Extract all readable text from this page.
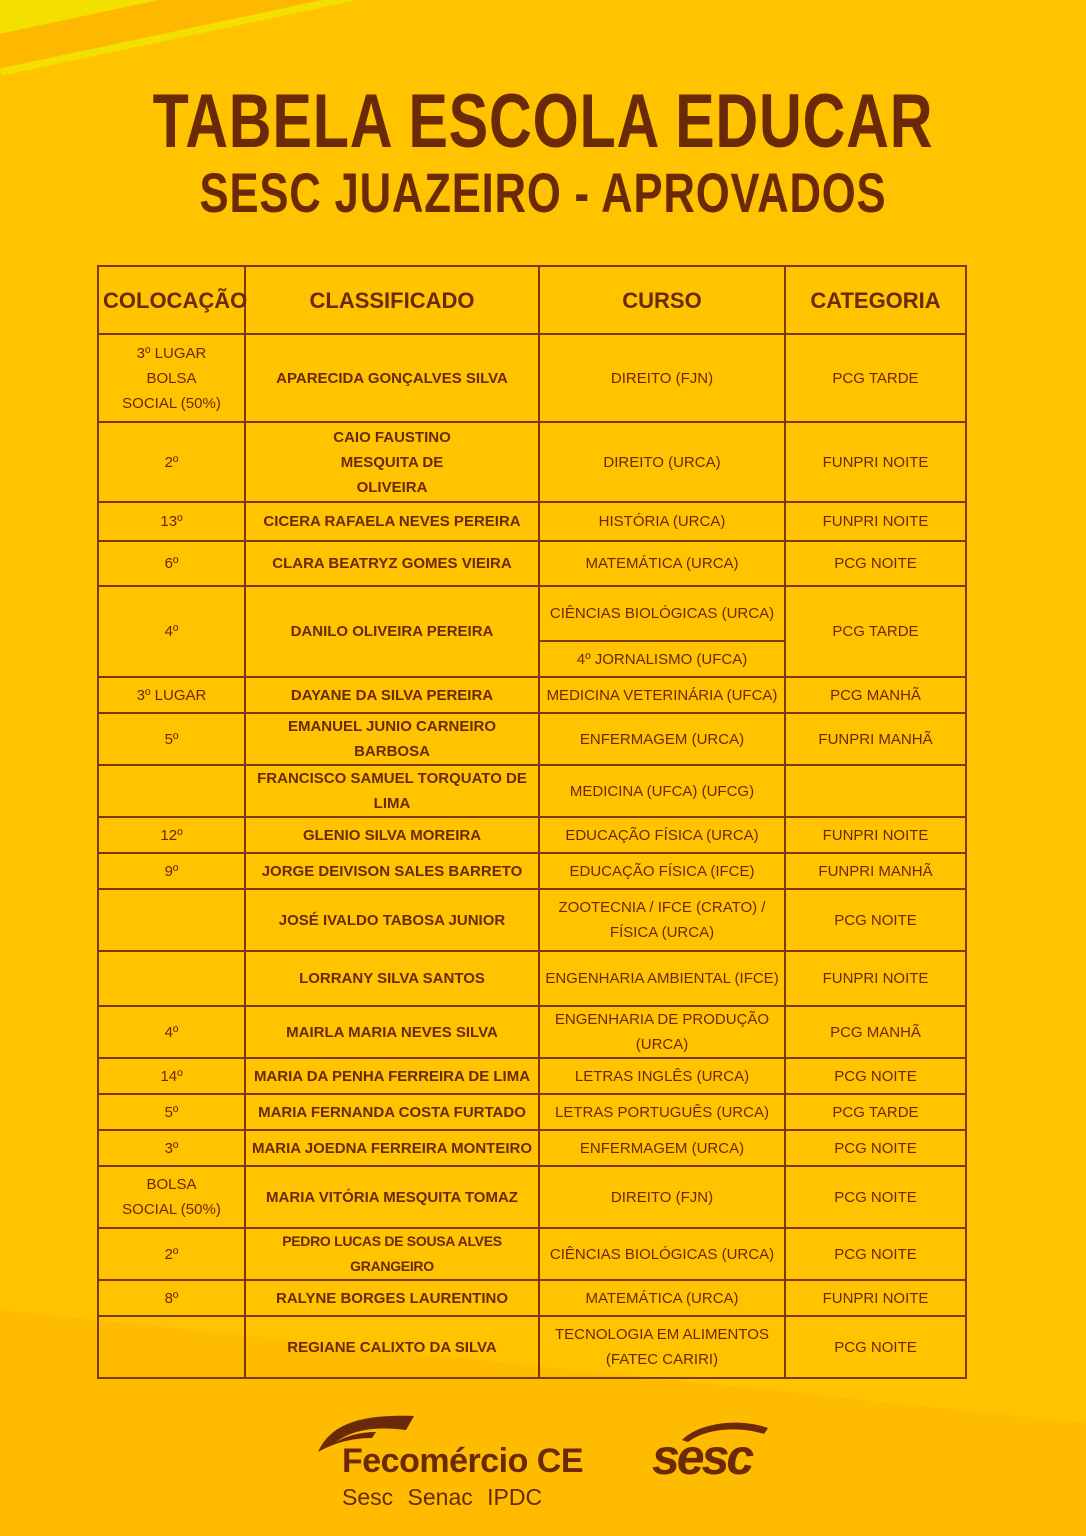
TABELA ESCOLA EDUCAR
SESC JUAZEIRO - APROVADOS
COLOCAÇÃO	CLASSIFICADO	CURSO	CATEGORIA
3º LUGAR BOLSA SOCIAL (50%)	APARECIDA GONÇALVES SILVA	DIREITO (FJN)	PCG TARDE
2º	CAIO FAUSTINO MESQUITA DE OLIVEIRA	DIREITO (URCA)	FUNPRI NOITE
13º	CICERA RAFAELA NEVES PEREIRA	HISTÓRIA (URCA)	FUNPRI NOITE
6º	CLARA BEATRYZ GOMES VIEIRA	MATEMÁTICA (URCA)	PCG NOITE
4º	DANILO OLIVEIRA PEREIRA	CIÊNCIAS BIOLÓGICAS (URCA)	PCG TARDE
		4º JORNALISMO (UFCA)	
3º LUGAR	DAYANE DA SILVA PEREIRA	MEDICINA VETERINÁRIA (UFCA)	PCG MANHÃ
5º	EMANUEL JUNIO CARNEIRO BARBOSA	ENFERMAGEM (URCA)	FUNPRI MANHÃ
	FRANCISCO SAMUEL TORQUATO DE LIMA	MEDICINA (UFCA) (UFCG)	
12º	GLENIO SILVA MOREIRA	EDUCAÇÃO FÍSICA (URCA)	FUNPRI NOITE
9º	JORGE DEIVISON SALES BARRETO	EDUCAÇÃO FÍSICA (IFCE)	FUNPRI MANHÃ
	JOSÉ IVALDO TABOSA JUNIOR	ZOOTECNIA / IFCE (CRATO) / FÍSICA (URCA)	PCG NOITE
	LORRANY SILVA SANTOS	ENGENHARIA AMBIENTAL (IFCE)	FUNPRI NOITE
4º	MAIRLA MARIA NEVES SILVA	ENGENHARIA DE PRODUÇÃO (URCA)	PCG MANHÃ
14º	MARIA DA PENHA FERREIRA DE LIMA	LETRAS INGLÊS (URCA)	PCG NOITE
5º	MARIA FERNANDA COSTA FURTADO	LETRAS PORTUGUÊS (URCA)	PCG TARDE
3º	MARIA JOEDNA FERREIRA MONTEIRO	ENFERMAGEM (URCA)	PCG NOITE
BOLSA SOCIAL (50%)	MARIA VITÓRIA MESQUITA TOMAZ	DIREITO (FJN)	PCG NOITE
2º	PEDRO LUCAS DE SOUSA ALVES GRANGEIRO	CIÊNCIAS BIOLÓGICAS (URCA)	PCG NOITE
8º	RALYNE BORGES LAURENTINO	MATEMÁTICA (URCA)	FUNPRI NOITE
	REGIANE CALIXTO DA SILVA	TECNOLOGIA EM ALIMENTOS (FATEC CARIRI)	PCG NOITE
Fecomércio CE
Sesc Senac IPDC
sesc
